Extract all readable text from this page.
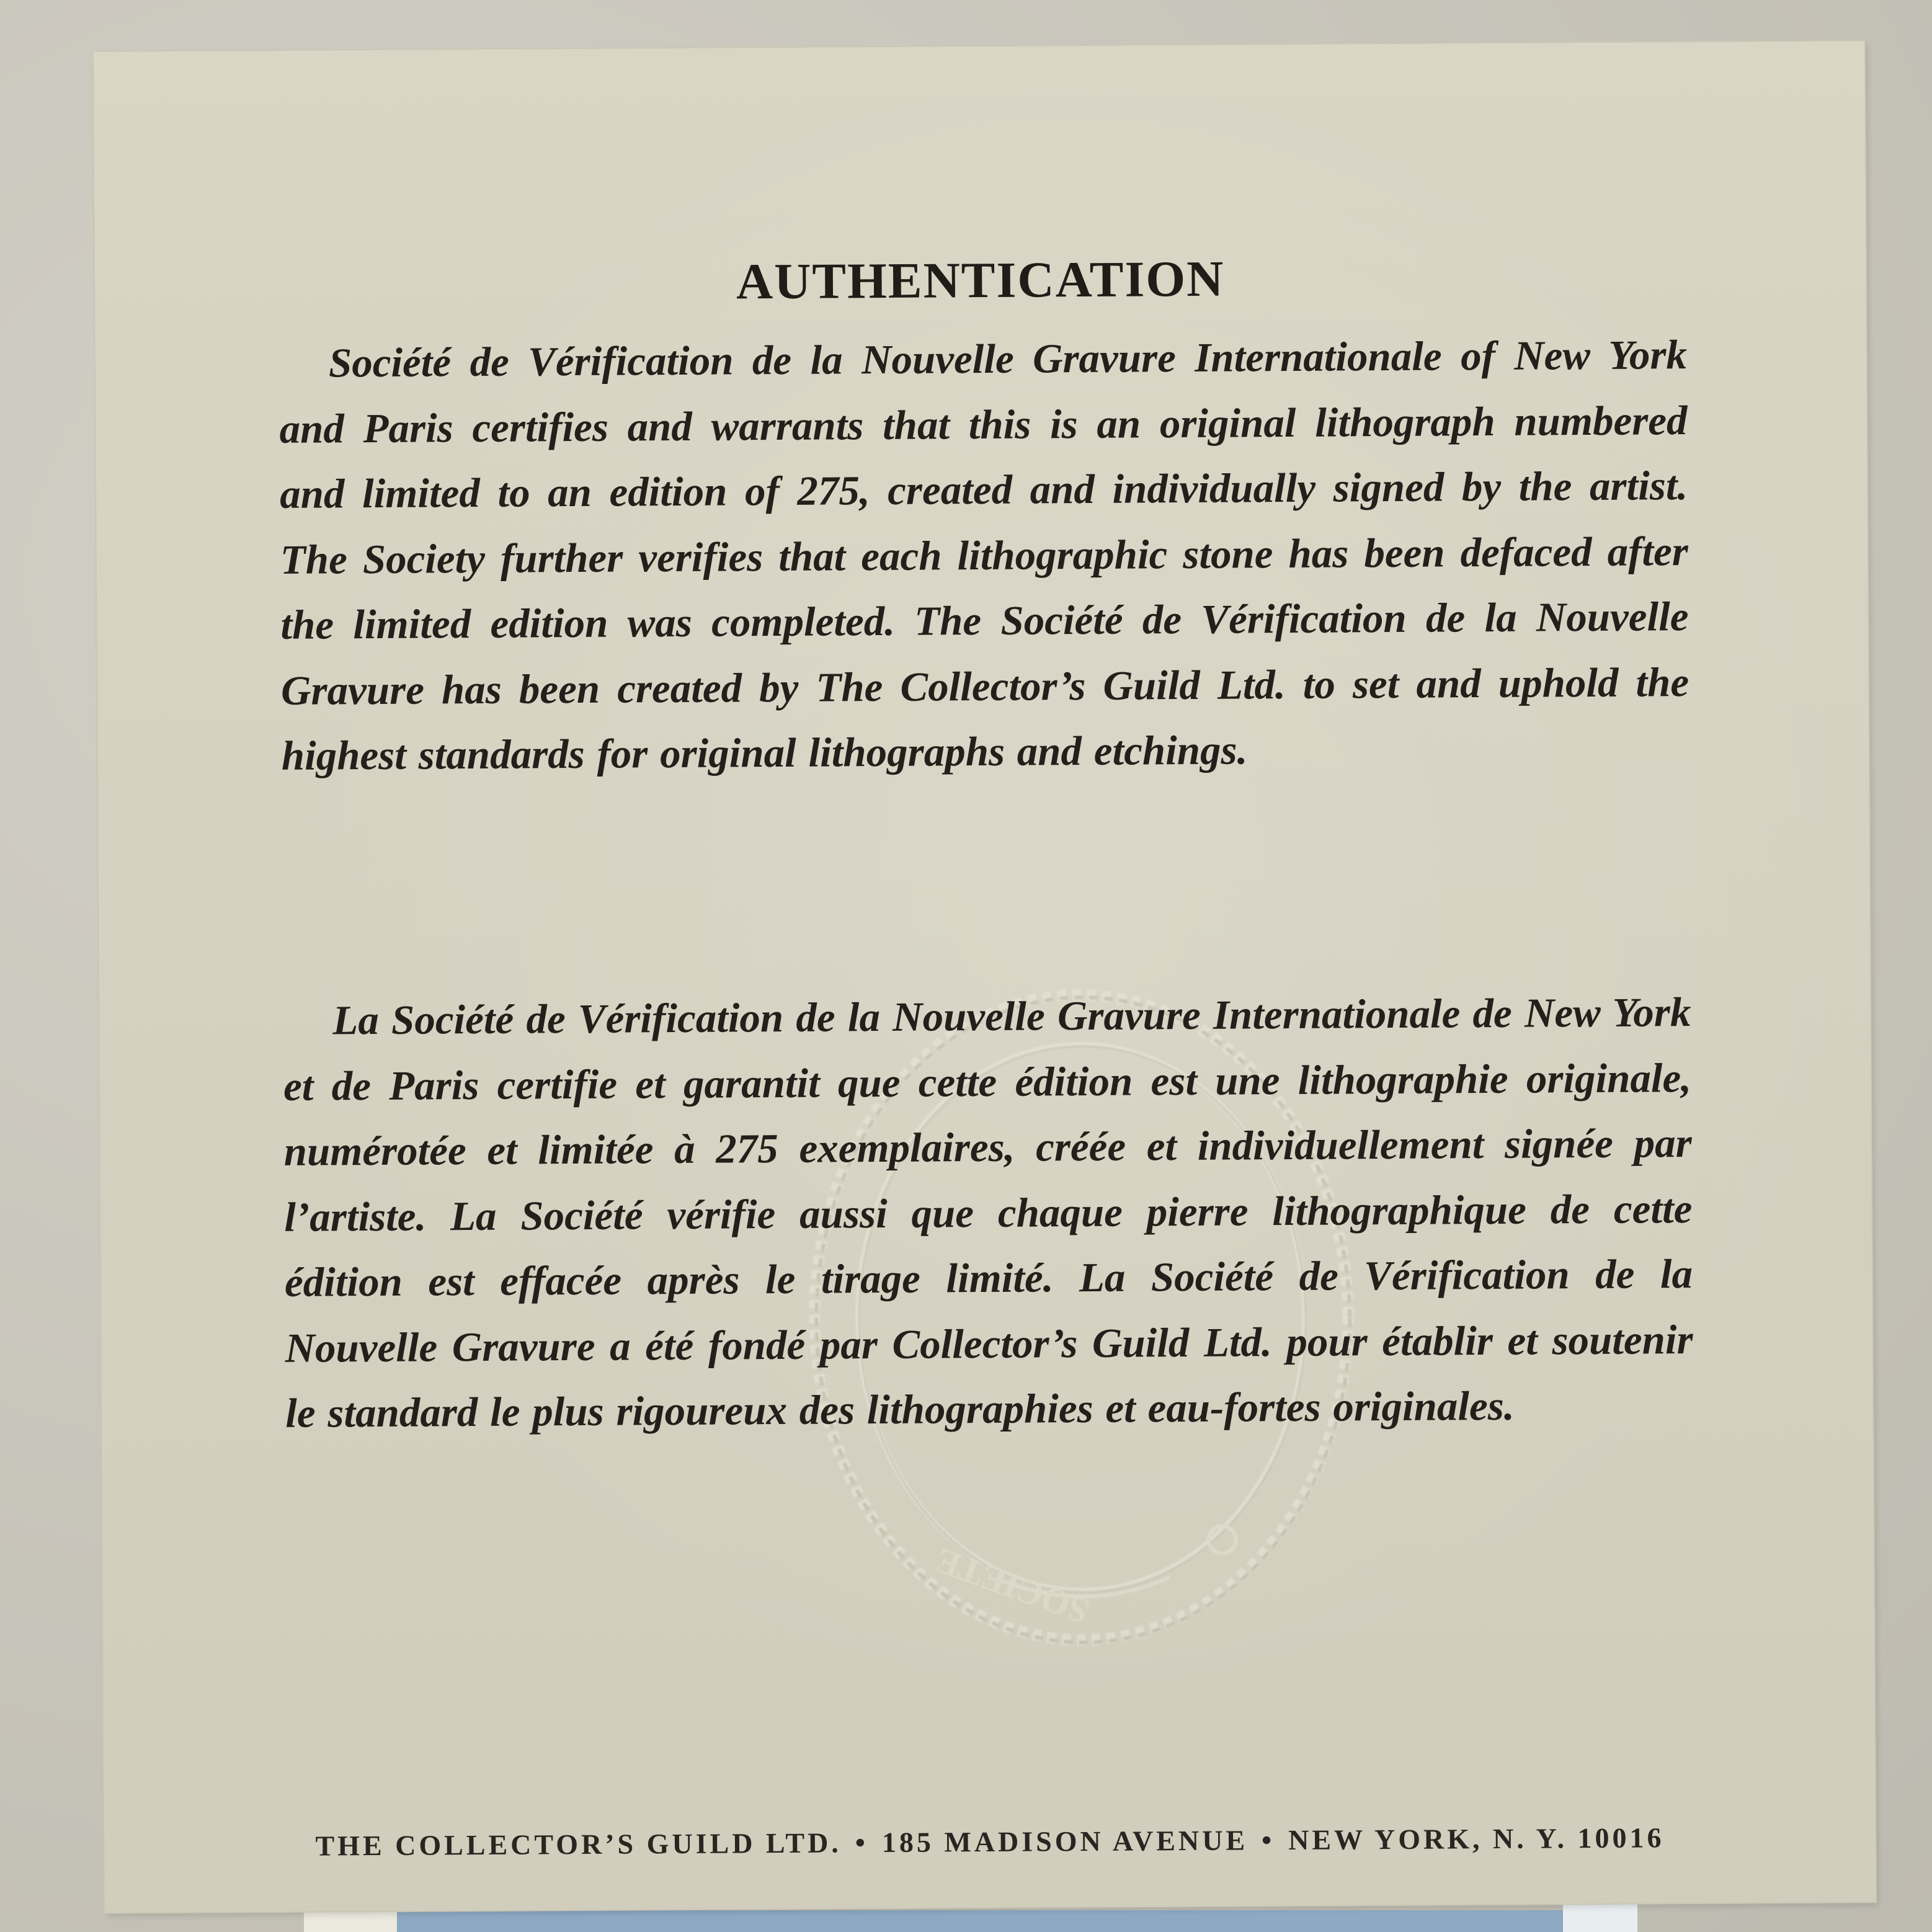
SOCIETE
AUTHENTICATION

Société de Vérification de la Nouvelle Gravure Internationale of New York and Paris certifies and warrants that this is an original lithograph numbered and limited to an edition of 275, created and individually signed by the artist. The Society further verifies that each lithographic stone has been defaced after the limited edition was completed. The Société de Vérification de la Nouvelle Gravure has been created by The Collector’s Guild Ltd. to set and uphold the highest standards for original lithographs and etchings.

La Société de Vérification de la Nouvelle Gravure Internationale de New York et de Paris certifie et garantit que cette édition est une lithographie originale, numérotée et limitée à 275 exemplaires, créée et individuellement signée par l’artiste. La Société vérifie aussi que chaque pierre lithographique de cette édition est effacée après le tirage limité. La Société de Vérification de la Nouvelle Gravure a été fondé par Collector’s Guild Ltd. pour établir et soutenir le standard le plus rigoureux des lithographies et eau-fortes originales.

THE COLLECTOR’S GUILD LTD. • 185 MADISON AVENUE • NEW YORK, N. Y. 10016
